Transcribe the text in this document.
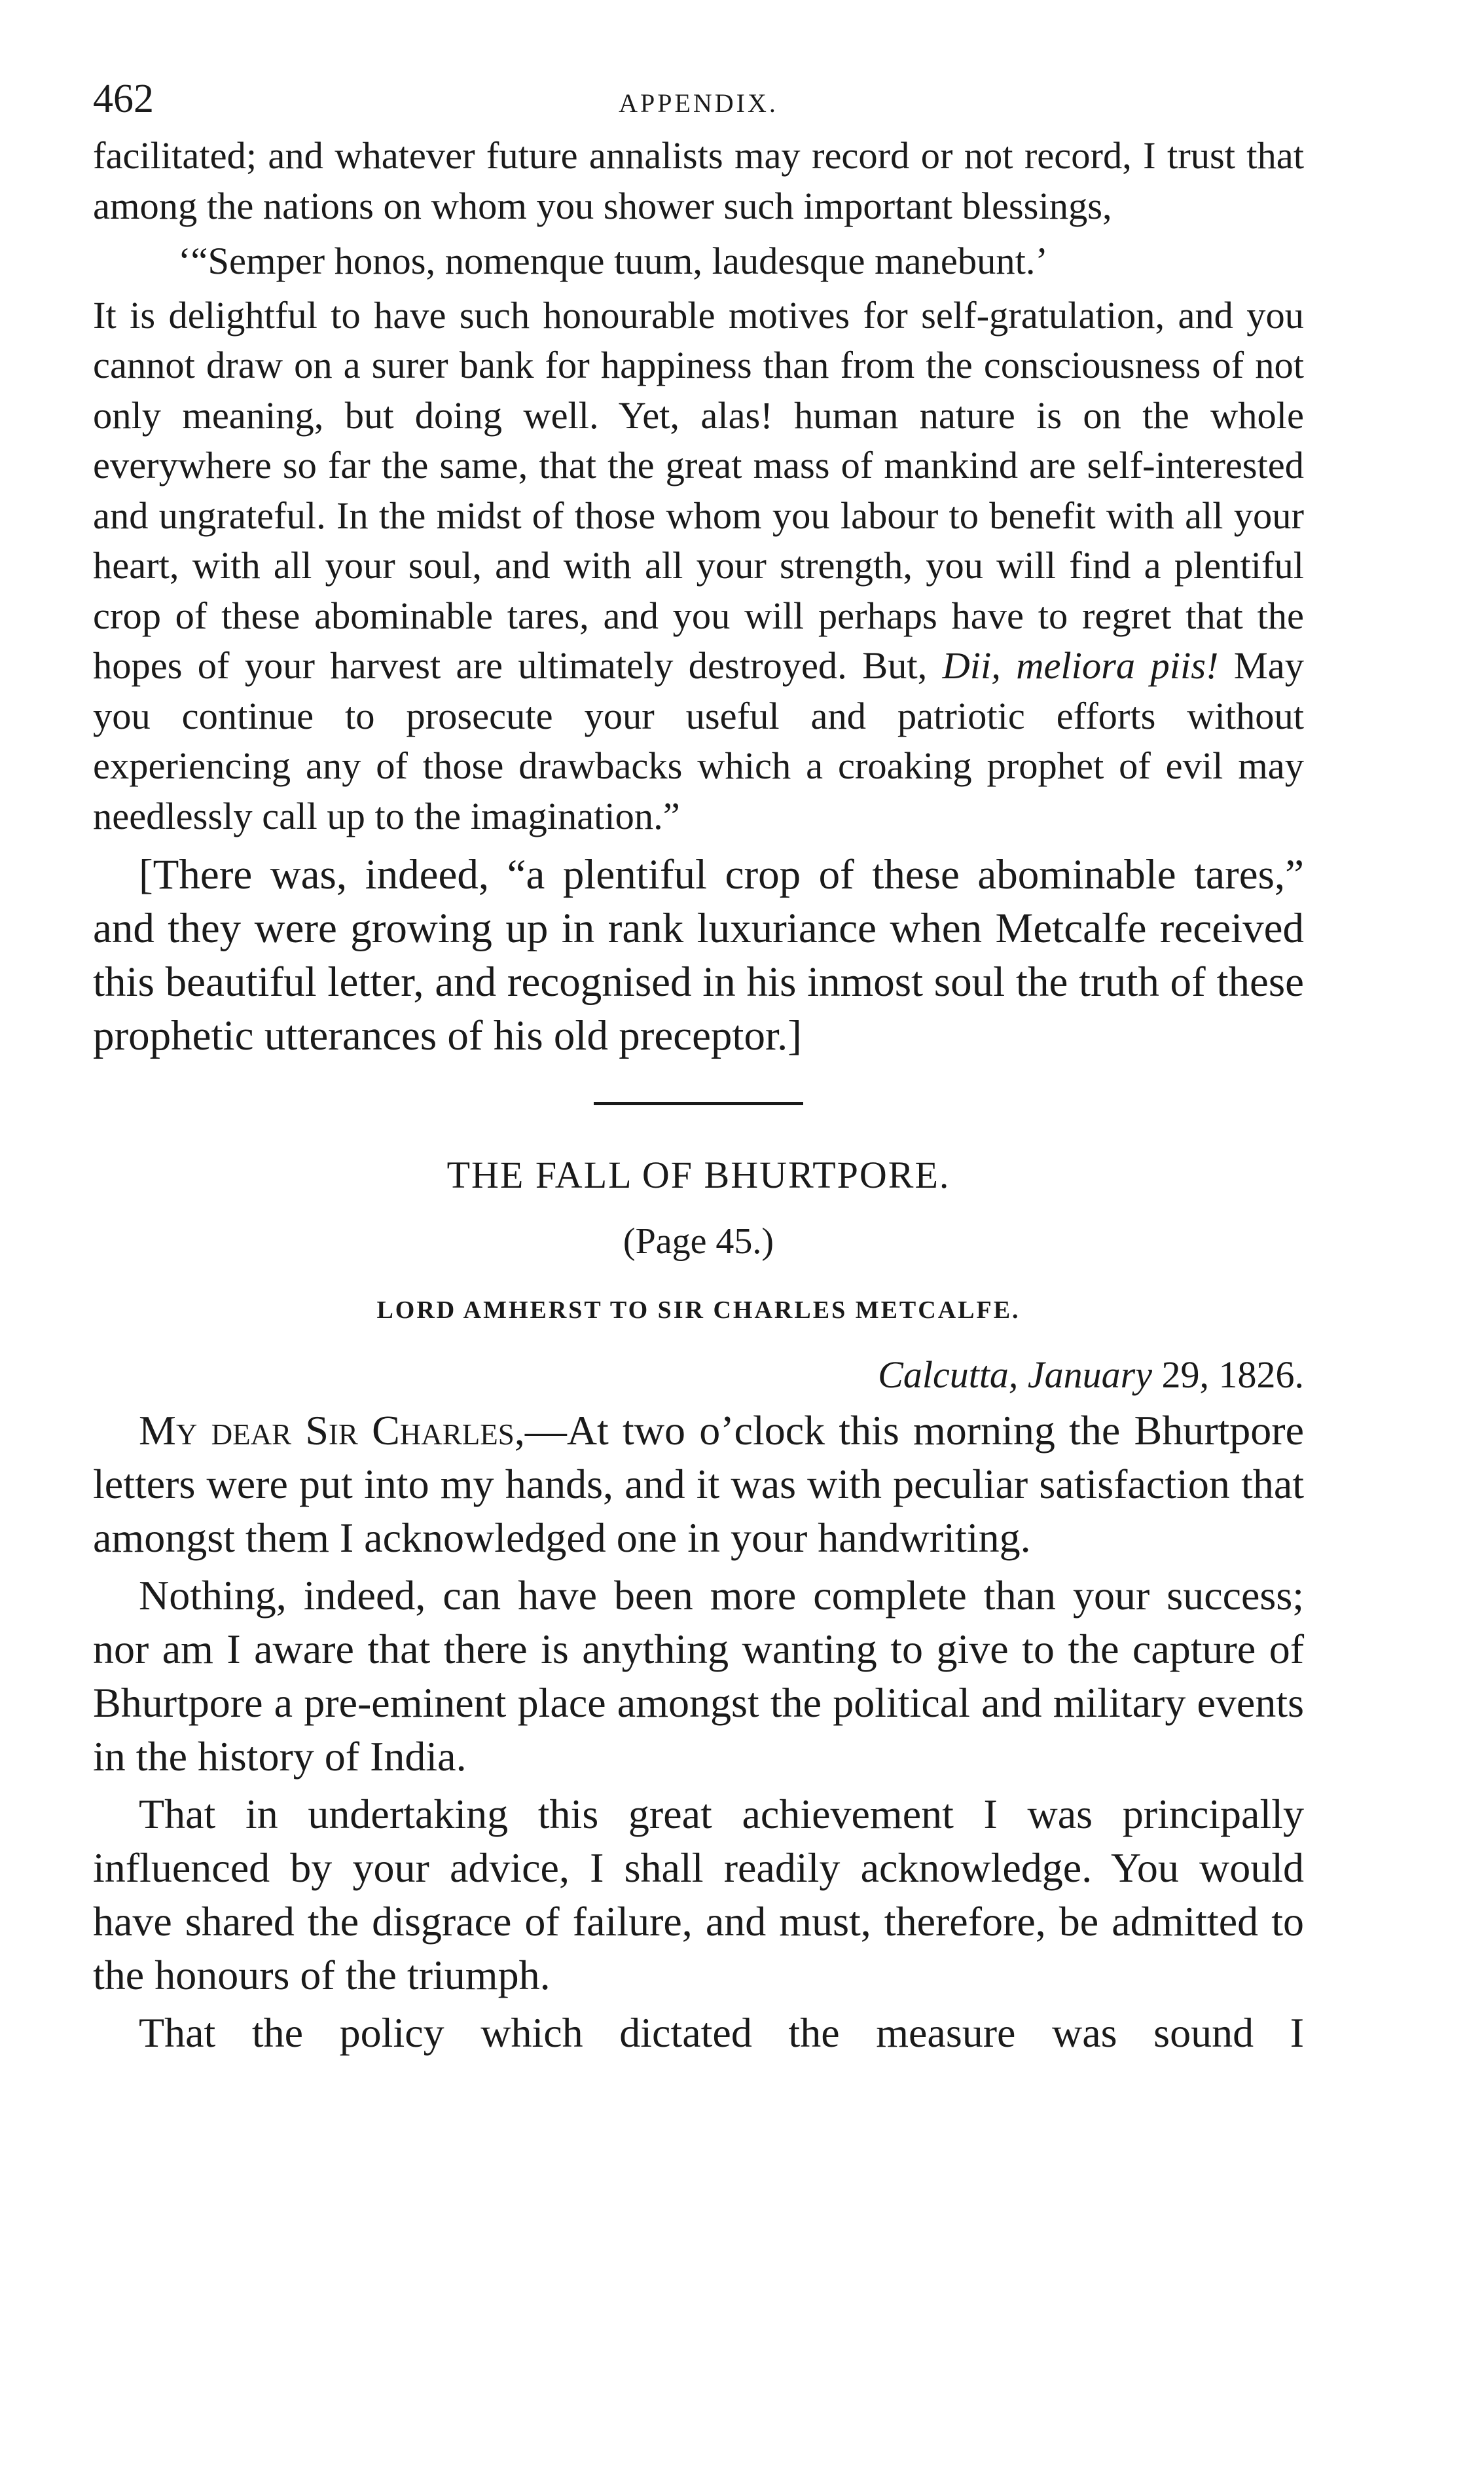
462	APPENDIX.

facilitated; and whatever future annalists may record or not record, I trust that among the nations on whom you shower such important blessings,

‘“Semper honos, nomenque tuum, laudesque manebunt.’

It is delightful to have such honourable motives for self-gratulation, and you cannot draw on a surer bank for happiness than from the consciousness of not only meaning, but doing well. Yet, alas! human nature is on the whole everywhere so far the same, that the great mass of mankind are self-interested and ungrateful. In the midst of those whom you labour to benefit with all your heart, with all your soul, and with all your strength, you will find a plentiful crop of these abominable tares, and you will perhaps have to regret that the hopes of your harvest are ultimately destroyed. But, Dii, meliora piis! May you continue to prosecute your useful and patriotic efforts without experiencing any of those drawbacks which a croaking prophet of evil may needlessly call up to the imagination.”

[There was, indeed, “a plentiful crop of these abominable tares,” and they were growing up in rank luxuriance when Metcalfe received this beautiful letter, and recognised in his inmost soul the truth of these prophetic utterances of his old preceptor.]

THE FALL OF BHURTPORE.
(Page 45.)
LORD AMHERST TO SIR CHARLES METCALFE.
Calcutta, January 29, 1826.

My dear Sir Charles,—At two o’clock this morning the Bhurtpore letters were put into my hands, and it was with peculiar satisfaction that amongst them I acknowledged one in your handwriting.

Nothing, indeed, can have been more complete than your success; nor am I aware that there is anything wanting to give to the capture of Bhurtpore a pre-eminent place amongst the political and military events in the history of India.

That in undertaking this great achievement I was principally influenced by your advice, I shall readily acknowledge. You would have shared the disgrace of failure, and must, therefore, be admitted to the honours of the triumph.

That the policy which dictated the measure was sound I
